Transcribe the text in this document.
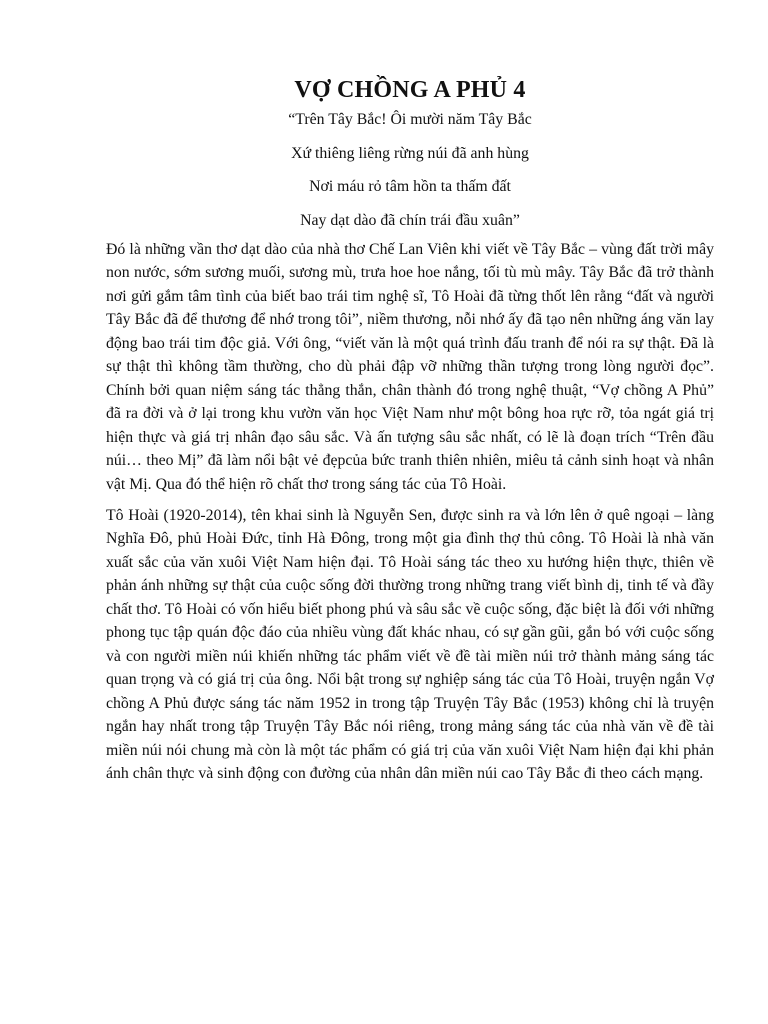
VỢ CHỒNG A PHỦ 4
“Trên Tây Bắc! Ôi mười năm Tây Bắc
Xứ thiêng liêng rừng núi đã anh hùng
Nơi máu rỏ tâm hồn ta thấm đất
Nay dạt dào đã chín trái đầu xuân”

Đó là những vần thơ dạt dào của nhà thơ Chế Lan Viên khi viết về Tây Bắc – vùng đất trời mây non nước, sớm sương muối, sương mù, trưa hoe hoe nắng, tối tù mù mây. Tây Bắc đã trở thành nơi gửi gắm tâm tình của biết bao trái tim nghệ sĩ, Tô Hoài đã từng thốt lên rằng “đất và người Tây Bắc đã để thương để nhớ trong tôi”, niềm thương, nỗi nhớ ấy đã tạo nên những áng văn lay động bao trái tim độc giả. Với ông, “viết văn là một quá trình đấu tranh để nói ra sự thật. Đã là sự thật thì không tầm thường, cho dù phải đập vỡ những thần tượng trong lòng người đọc”. Chính bởi quan niệm sáng tác thẳng thắn, chân thành đó trong nghệ thuật, “Vợ chồng A Phủ” đã ra đời và ở lại trong khu vườn văn học Việt Nam như một bông hoa rực rỡ, tỏa ngát giá trị hiện thực và giá trị nhân đạo sâu sắc. Và ấn tượng sâu sắc nhất, có lẽ là đoạn trích “Trên đầu núi… theo Mị” đã làm nổi bật vẻ đẹpcủa bức tranh thiên nhiên, miêu tả cảnh sinh hoạt và nhân vật Mị. Qua đó thể hiện rõ chất thơ trong sáng tác của Tô Hoài.

Tô Hoài (1920-2014), tên khai sinh là Nguyễn Sen, được sinh ra và lớn lên ở quê ngoại – làng Nghĩa Đô, phủ Hoài Đức, tỉnh Hà Đông, trong một gia đình thợ thủ công. Tô Hoài là nhà văn xuất sắc của văn xuôi Việt Nam hiện đại. Tô Hoài sáng tác theo xu hướng hiện thực, thiên về phản ánh những sự thật của cuộc sống đời thường trong những trang viết bình dị, tinh tế và đầy chất thơ. Tô Hoài có vốn hiểu biết phong phú và sâu sắc về cuộc sống, đặc biệt là đối với những phong tục tập quán độc đáo của nhiều vùng đất khác nhau, có sự gần gũi, gắn bó với cuộc sống và con người miền núi khiến những tác phẩm viết về đề tài miền núi trở thành mảng sáng tác quan trọng và có giá trị của ông. Nổi bật trong sự nghiệp sáng tác của Tô Hoài, truyện ngắn Vợ chồng A Phủ được sáng tác năm 1952 in trong tập Truyện Tây Bắc (1953) không chỉ là truyện ngắn hay nhất trong tập Truyện Tây Bắc nói riêng, trong mảng sáng tác của nhà văn về đề tài miền núi nói chung mà còn là một tác phẩm có giá trị của văn xuôi Việt Nam hiện đại khi phản ánh chân thực và sinh động con đường của nhân dân miền núi cao Tây Bắc đi theo cách mạng.
